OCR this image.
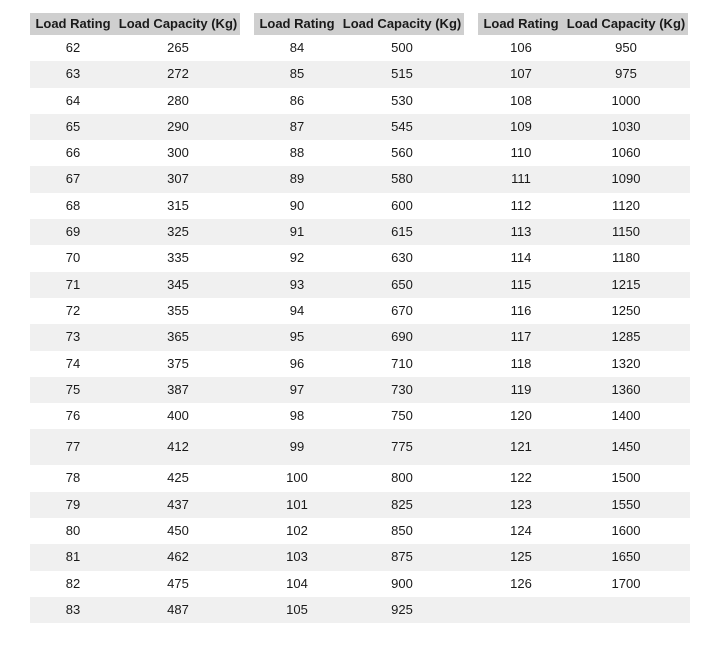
Load Rating Load Capacity (Kg)	Load Rating Load Capacity (Kg)	Load Rating Load Capacity (Kg)
62	265	84	500	106	950
63	272	85	515	107	975
64	280	86	530	108	1000
65	290	87	545	109	1030
66	300	88	560	110	1060
67	307	89	580	111	1090
68	315	90	600	112	1120
69	325	91	615	113	1150
70	335	92	630	114	1180
71	345	93	650	115	1215
72	355	94	670	116	1250
73	365	95	690	117	1285
74	375	96	710	118	1320
75	387	97	730	119	1360
76	400	98	750	120	1400
77	412	99	775	121	1450
78	425	100	800	122	1500
79	437	101	825	123	1550
80	450	102	850	124	1600
81	462	103	875	125	1650
82	475	104	900	126	1700
83	487	105	925
